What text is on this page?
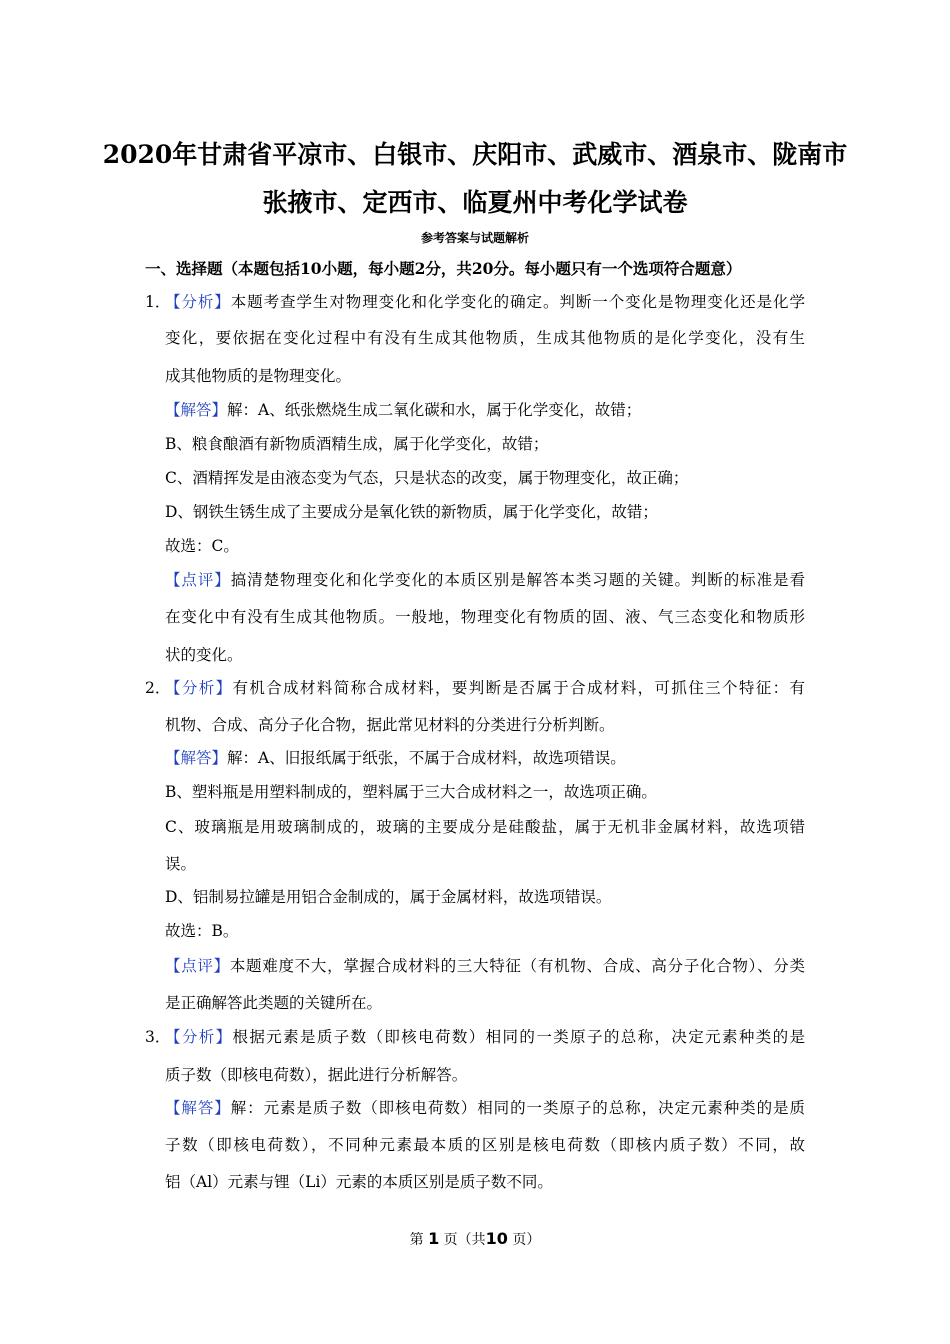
2020年甘肃省平凉市、白银市、庆阳市、武威市、酒泉市、陇南市
张掖市、定西市、临夏州中考化学试卷
参考答案与试题解析
一、选择题（本题包括10小题，每小题2分，共20分。每小题只有一个选项符合题意）
1．
【分析】本题考查学生对物理变化和化学变化的确定。判断一个变化是物理变化还是化学
变化，要依据在变化过程中有没有生成其他物质，生成其他物质的是化学变化，没有生
成其他物质的是物理变化。
【解答】解：A、纸张燃烧生成二氧化碳和水，属于化学变化，故错；
B、粮食酿酒有新物质酒精生成，属于化学变化，故错；
C、酒精挥发是由液态变为气态，只是状态的改变，属于物理变化，故正确；
D、钢铁生锈生成了主要成分是氧化铁的新物质，属于化学变化，故错；
故选：C。
【点评】搞清楚物理变化和化学变化的本质区别是解答本类习题的关键。判断的标准是看
在变化中有没有生成其他物质。一般地，物理变化有物质的固、液、气三态变化和物质形
状的变化。
2．
【分析】有机合成材料简称合成材料，要判断是否属于合成材料，可抓住三个特征：有
机物、合成、高分子化合物，据此常见材料的分类进行分析判断。
【解答】解：A、旧报纸属于纸张，不属于合成材料，故选项错误。
B、塑料瓶是用塑料制成的，塑料属于三大合成材料之一，故选项正确。
C、玻璃瓶是用玻璃制成的，玻璃的主要成分是硅酸盐，属于无机非金属材料，故选项错
误。
D、铝制易拉罐是用铝合金制成的，属于金属材料，故选项错误。
故选：B。
【点评】本题难度不大，掌握合成材料的三大特征（有机物、合成、高分子化合物）、分类
是正确解答此类题的关键所在。
3．
【分析】根据元素是质子数（即核电荷数）相同的一类原子的总称，决定元素种类的是
质子数（即核电荷数），据此进行分析解答。
【解答】解：元素是质子数（即核电荷数）相同的一类原子的总称，决定元素种类的是质
子数（即核电荷数），不同种元素最本质的区别是核电荷数（即核内质子数）不同，故
铝（Al）元素与锂（Li）元素的本质区别是质子数不同。
第 1 页（共10 页）
